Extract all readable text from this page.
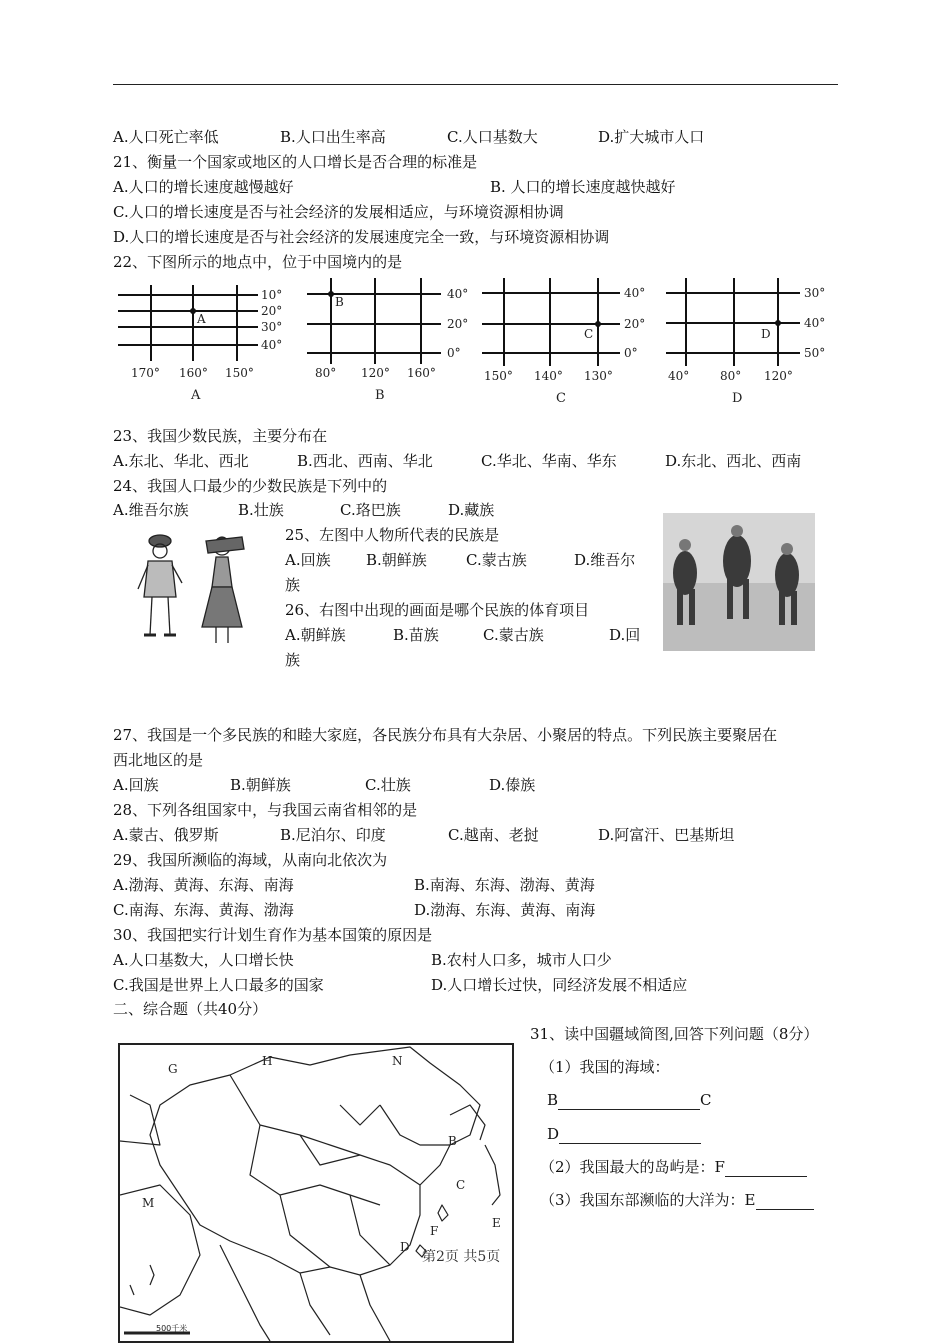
A.人口死亡率低	B.人口出生率高	C.人口基数大	D.扩大城市人口
21、衡量一个国家或地区的人口增长是否合理的标准是
A.人口的增长速度越慢越好	B. 人口的增长速度越快越好
C.人口的增长速度是否与社会经济的发展相适应，与环境资源相协调
D.人口的增长速度是否与社会经济的发展速度完全一致，与环境资源相协调
22、下图所示的地点中，位于中国境内的是
A
10°
20°
30°
40°
170° 160° 150°
A
B
40°
20°
0°
80° 120° 160°
B
C
40°
20°
0°
150° 140° 130°
C
D
30°
40°
50°
40°	80° 120°
D
23、我国少数民族，主要分布在
A.东北、华北、西北	B.西北、西南、华北	C.华北、华南、华东	D.东北、西北、西南
24、我国人口最少的少数民族是下列中的
A.维吾尔族	B.壮族	C.珞巴族	D.藏族
25、左图中人物所代表的民族是
A.回族 B.朝鲜族	C.蒙古族	D.维吾尔
族
26、右图中出现的画面是哪个民族的体育项目
A.朝鲜族	B.苗族	C.蒙古族	D.回
族
27、我国是一个多民族的和睦大家庭，各民族分布具有大杂居、小聚居的特点。下列民族主要聚居在
西北地区的是
A.回族	B.朝鲜族	C.壮族	D.傣族
28、下列各组国家中，与我国云南省相邻的是
A.蒙古、俄罗斯	B.尼泊尔、印度	C.越南、老挝	D.阿富汗、巴基斯坦
29、我国所濒临的海域，从南向北依次为
A.渤海、黄海、东海、南海	B.南海、东海、渤海、黄海
C.南海、东海、黄海、渤海	D.渤海、东海、黄海、南海
30、我国把实行计划生育作为基本国策的原因是
A.人口基数大，人口增长快	B.农村人口多，城市人口少
C.我国是世界上人口最多的国家	D.人口增长过快，同经济发展不相适应
二、综合题（共40分）
31、读中国疆域简图,回答下列问题（8分）
（1）我国的海域：
B	C
D
（2）我国最大的岛屿是：F
（3）我国东部濒临的大洋为：E
G
H	N
B
C
M
E
F
D
500千米
第2页 共5页
